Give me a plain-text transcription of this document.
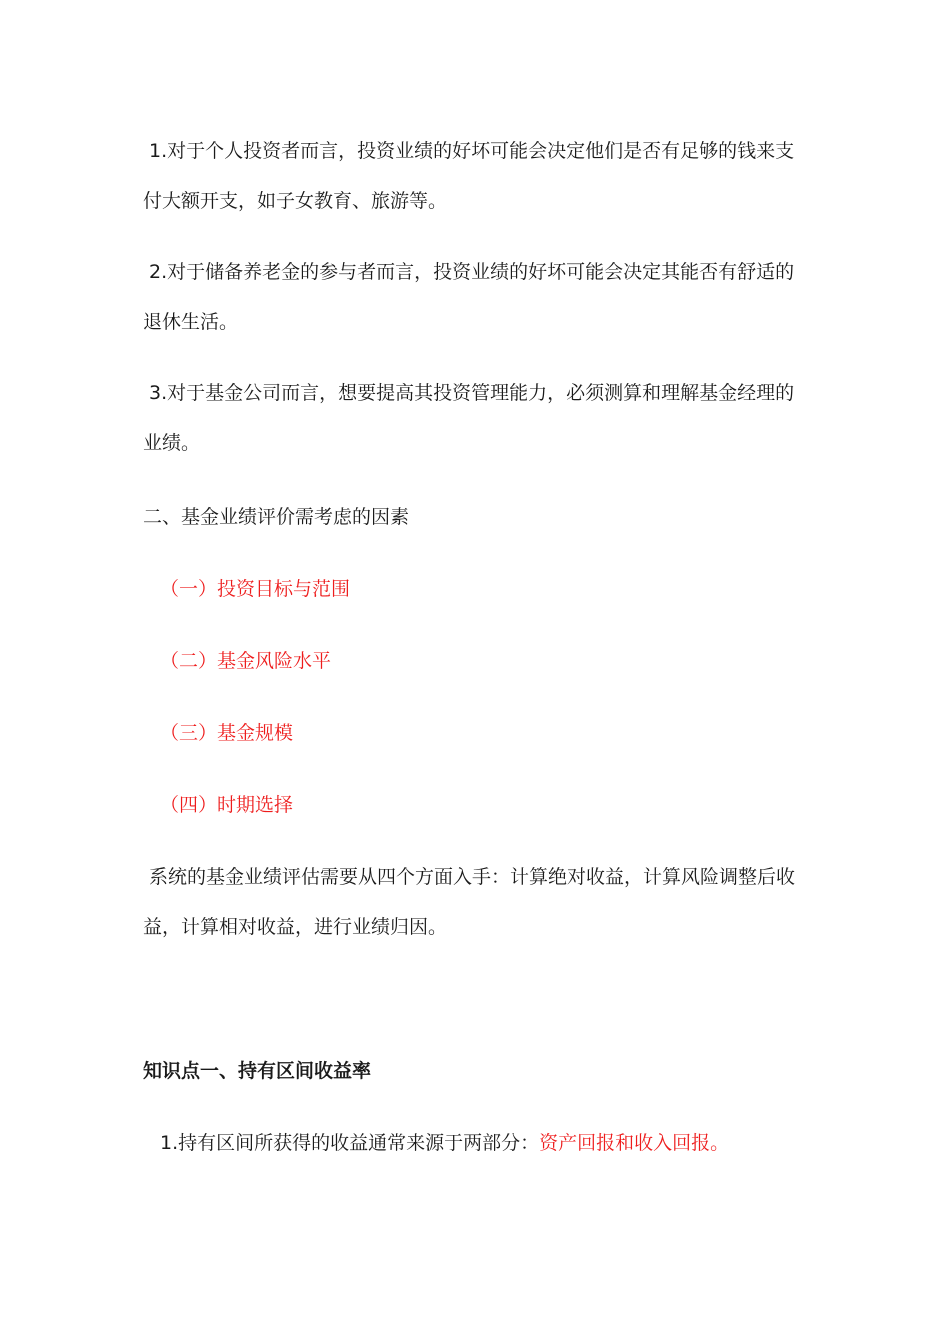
1.对于个人投资者而言，投资业绩的好坏可能会决定他们是否有足够的钱来支

付大额开支，如子女教育、旅游等。

2.对于储备养老金的参与者而言，投资业绩的好坏可能会决定其能否有舒适的

退休生活。

3.对于基金公司而言，想要提高其投资管理能力，必须测算和理解基金经理的

业绩。

二、基金业绩评价需考虑的因素

（一）投资目标与范围

（二）基金风险水平

（三）基金规模

（四）时期选择

系统的基金业绩评估需要从四个方面入手：计算绝对收益，计算风险调整后收

益，计算相对收益，进行业绩归因。

知识点一、持有区间收益率

1.持有区间所获得的收益通常来源于两部分：资产回报和收入回报。
